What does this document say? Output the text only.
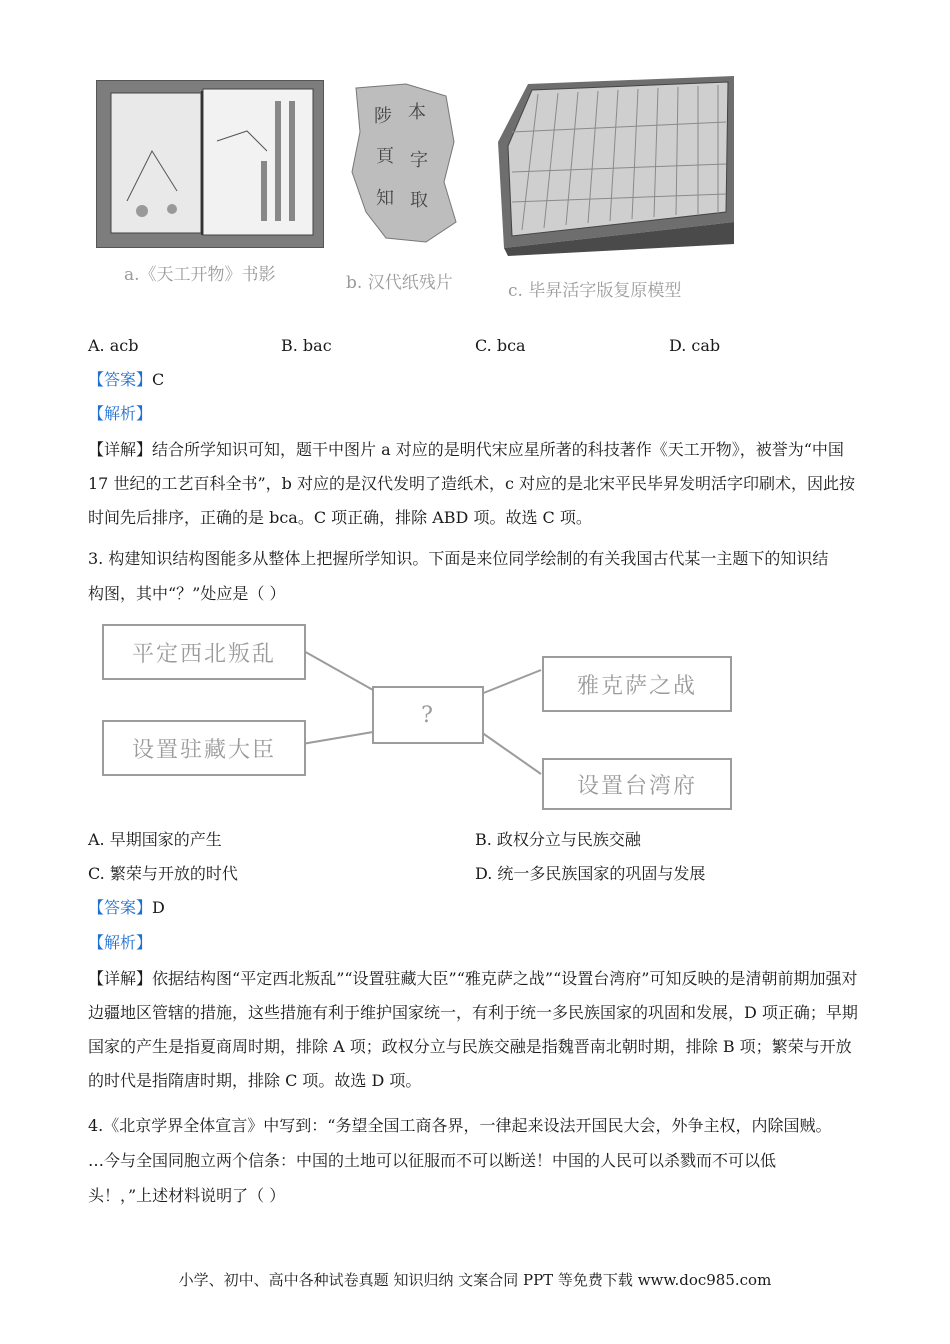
陟 本
頁 字
知 取
a.《天工开物》书影	b. 汉代纸残片	c. 毕昇活字版复原模型
A. acb	B. bac	C. bca	D. cab
【答案】C
【解析】
【详解】结合所学知识可知，题干中图片 a 对应的是明代宋应星所著的科技著作《天工开物》，被誉为“中国 17 世纪的工艺百科全书”，b 对应的是汉代发明了造纸术，c 对应的是北宋平民毕昇发明活字印刷术，因此按时间先后排序，正确的是 bca。C 项正确，排除 ABD 项。故选 C 项。
3. 构建知识结构图能多从整体上把握所学知识。下面是来位同学绘制的有关我国古代某一主题下的知识结
构图，其中“？”处应是（ ）
平定西北叛乱
设置驻藏大臣
?
雅克萨之战
设置台湾府
A. 早期国家的产生	B. 政权分立与民族交融
C. 繁荣与开放的时代	D. 统一多民族国家的巩固与发展
【答案】D
【解析】
【详解】依据结构图“平定西北叛乱”“设置驻藏大臣”“雅克萨之战”“设置台湾府”可知反映的是清朝前期加强对边疆地区管辖的措施，这些措施有利于维护国家统一，有利于统一多民族国家的巩固和发展，D 项正确；早期国家的产生是指夏商周时期，排除 A 项；政权分立与民族交融是指魏晋南北朝时期，排除 B 项；繁荣与开放的时代是指隋唐时期，排除 C 项。故选 D 项。
4.《北京学界全体宣言》中写到：“务望全国工商各界，一律起来设法开国民大会，外争主权，内除国贼。
…今与全国同胞立两个信条：中国的土地可以征服而不可以断送！中国的人民可以杀戮而不可以低
头！，”上述材料说明了（ ）
小学、初中、高中各种试卷真题 知识归纳 文案合同 PPT 等免费下载 www.doc985.com
